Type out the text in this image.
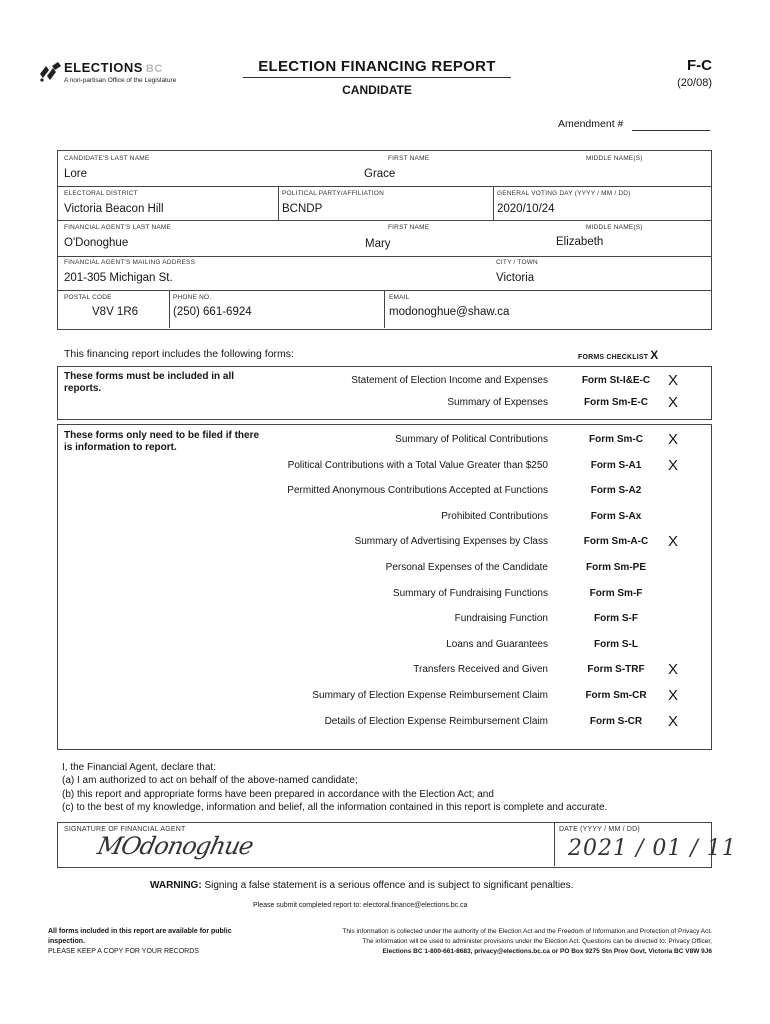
ELECTIONS BC
A non-partisan Office of the Legislature
ELECTION FINANCING REPORT
CANDIDATE
F-C
(20/08)
Amendment #
CANDIDATE'S LAST NAME
Lore
FIRST NAME
Grace
MIDDLE NAME(S)
ELECTORAL DISTRICT
Victoria Beacon Hill
POLITICAL PARTY/AFFILIATION
BCNDP
GENERAL VOTING DAY (YYYY / MM / DD)
2020/10/24
FINANCIAL AGENT'S LAST NAME
O'Donoghue
FIRST NAME
Mary
MIDDLE NAME(S)
Elizabeth
FINANCIAL AGENT'S MAILING ADDRESS
201-305 Michigan St.
CITY / TOWN
Victoria
POSTAL CODE
V8V 1R6
PHONE NO.
(250) 661-6924
EMAIL
modonoghue@shaw.ca
This financing report includes the following forms:	FORMS CHECKLIST X
These forms must be included in all reports.
Statement of Election Income and Expenses	Form St-I&E-C	X
Summary of Expenses	Form Sm-E-C	X
These forms only need to be filed if there is information to report.
Summary of Political Contributions	Form Sm-C	X
Political Contributions with a Total Value Greater than $250	Form S-A1	X
Permitted Anonymous Contributions Accepted at Functions	Form S-A2
Prohibited Contributions	Form S-Ax
Summary of Advertising Expenses by Class	Form Sm-A-C	X
Personal Expenses of the Candidate	Form Sm-PE
Summary of Fundraising Functions	Form Sm-F
Fundraising Function	Form S-F
Loans and Guarantees	Form S-L
Transfers Received and Given	Form S-TRF	X
Summary of Election Expense Reimbursement Claim	Form Sm-CR	X
Details of Election Expense Reimbursement Claim	Form S-CR	X
I, the Financial Agent, declare that:
(a) I am authorized to act on behalf of the above-named candidate;
(b) this report and appropriate forms have been prepared in accordance with the Election Act; and
(c) to the best of my knowledge, information and belief, all the information contained in this report is complete and accurate.
SIGNATURE OF FINANCIAL AGENT
MOdonoghue
DATE (YYYY / MM / DD)
2021 / 01 / 11
WARNING: Signing a false statement is a serious offence and is subject to significant penalties.
Please submit completed report to: electoral.finance@elections.bc.ca
All forms included in this report are available for public inspection.
PLEASE KEEP A COPY FOR YOUR RECORDS
This information is collected under the authority of the Election Act and the Freedom of Information and Protection of Privacy Act.
The information will be used to administer provisions under the Election Act. Questions can be directed to: Privacy Officer,
Elections BC 1-800-661-8683, privacy@elections.bc.ca or PO Box 9275 Stn Prov Govt, Victoria BC V8W 9J6
